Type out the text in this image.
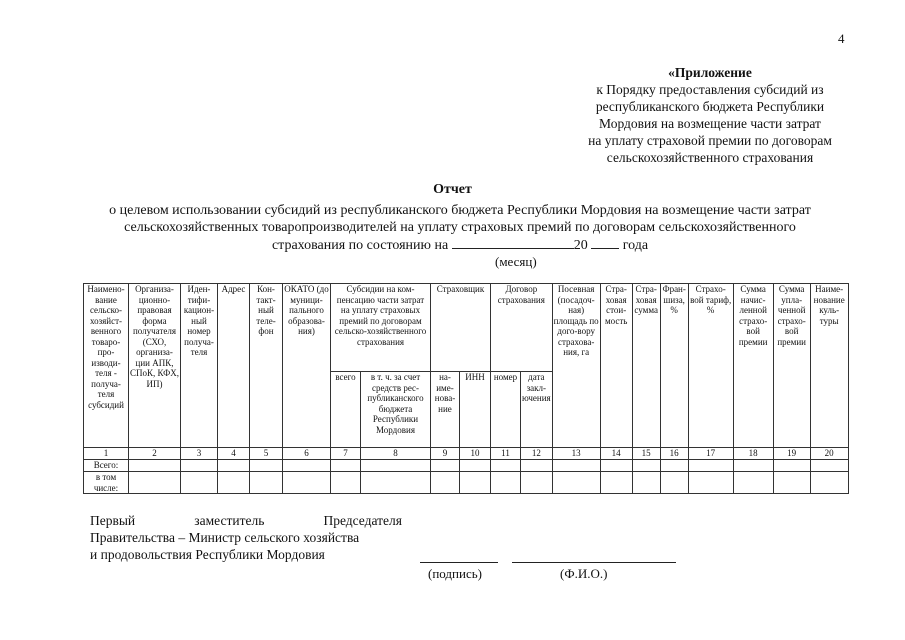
4
«Приложение
к Порядку предоставления субсидий из
республиканского бюджета Республики
Мордовия на возмещение части затрат
на уплату страховой премии по договорам
сельскохозяйственного страхования
Отчет
о целевом использовании субсидий из республиканского бюджета Республики Мордовия на возмещение части затрат
сельскохозяйственных товаропроизводителей на уплату страховых премий по договорам сельскохозяйственного
страхования по состоянию на	20	года
(месяц)
Наимено-вание сельско-хозяйст-венного товаро-про-изводи-теля - получа-теля субсидий	Организа-ционно-правовая форма получателя (СХО, организа-ции АПК, СПоК, КФХ, ИП)	Иден-тифи-кацион-ный номер получа-теля	Адрес	Кон-такт-ный теле-фон	ОКАТО (до муници-пального образова-ния)	Субсидии на ком-пенсацию части затрат на уплату страховых премий по договорам сельско-хозяйственного страхования		Страховщик		Договор страхования		Посевная (посадоч-ная) площадь по дого-вору страхова-ния, га	Стра-ховая стои-мость	Стра-ховая сумма	Фран-шиза, %	Страхо-вой тариф, %	Сумма начис-ленной страхо-вой премии	Сумма упла-ченной страхо-вой премии	Наиме-нование куль-туры
						всего	в т. ч. за счет средств рес-публиканского бюджета Республики Мордовия	на-име-нова-ние	ИНН	номер	дата закл-ючения								
1	2	3	4	5	6	7	8	9	10	11	12	13	14	15	16	17	18	19	20
Всего:																			
в том числе:																			
Первый	заместитель	Председателя
Правительства – Министр сельского хозяйства
и продовольствия Республики Мордовия
(подпись)	(Ф.И.О.)
